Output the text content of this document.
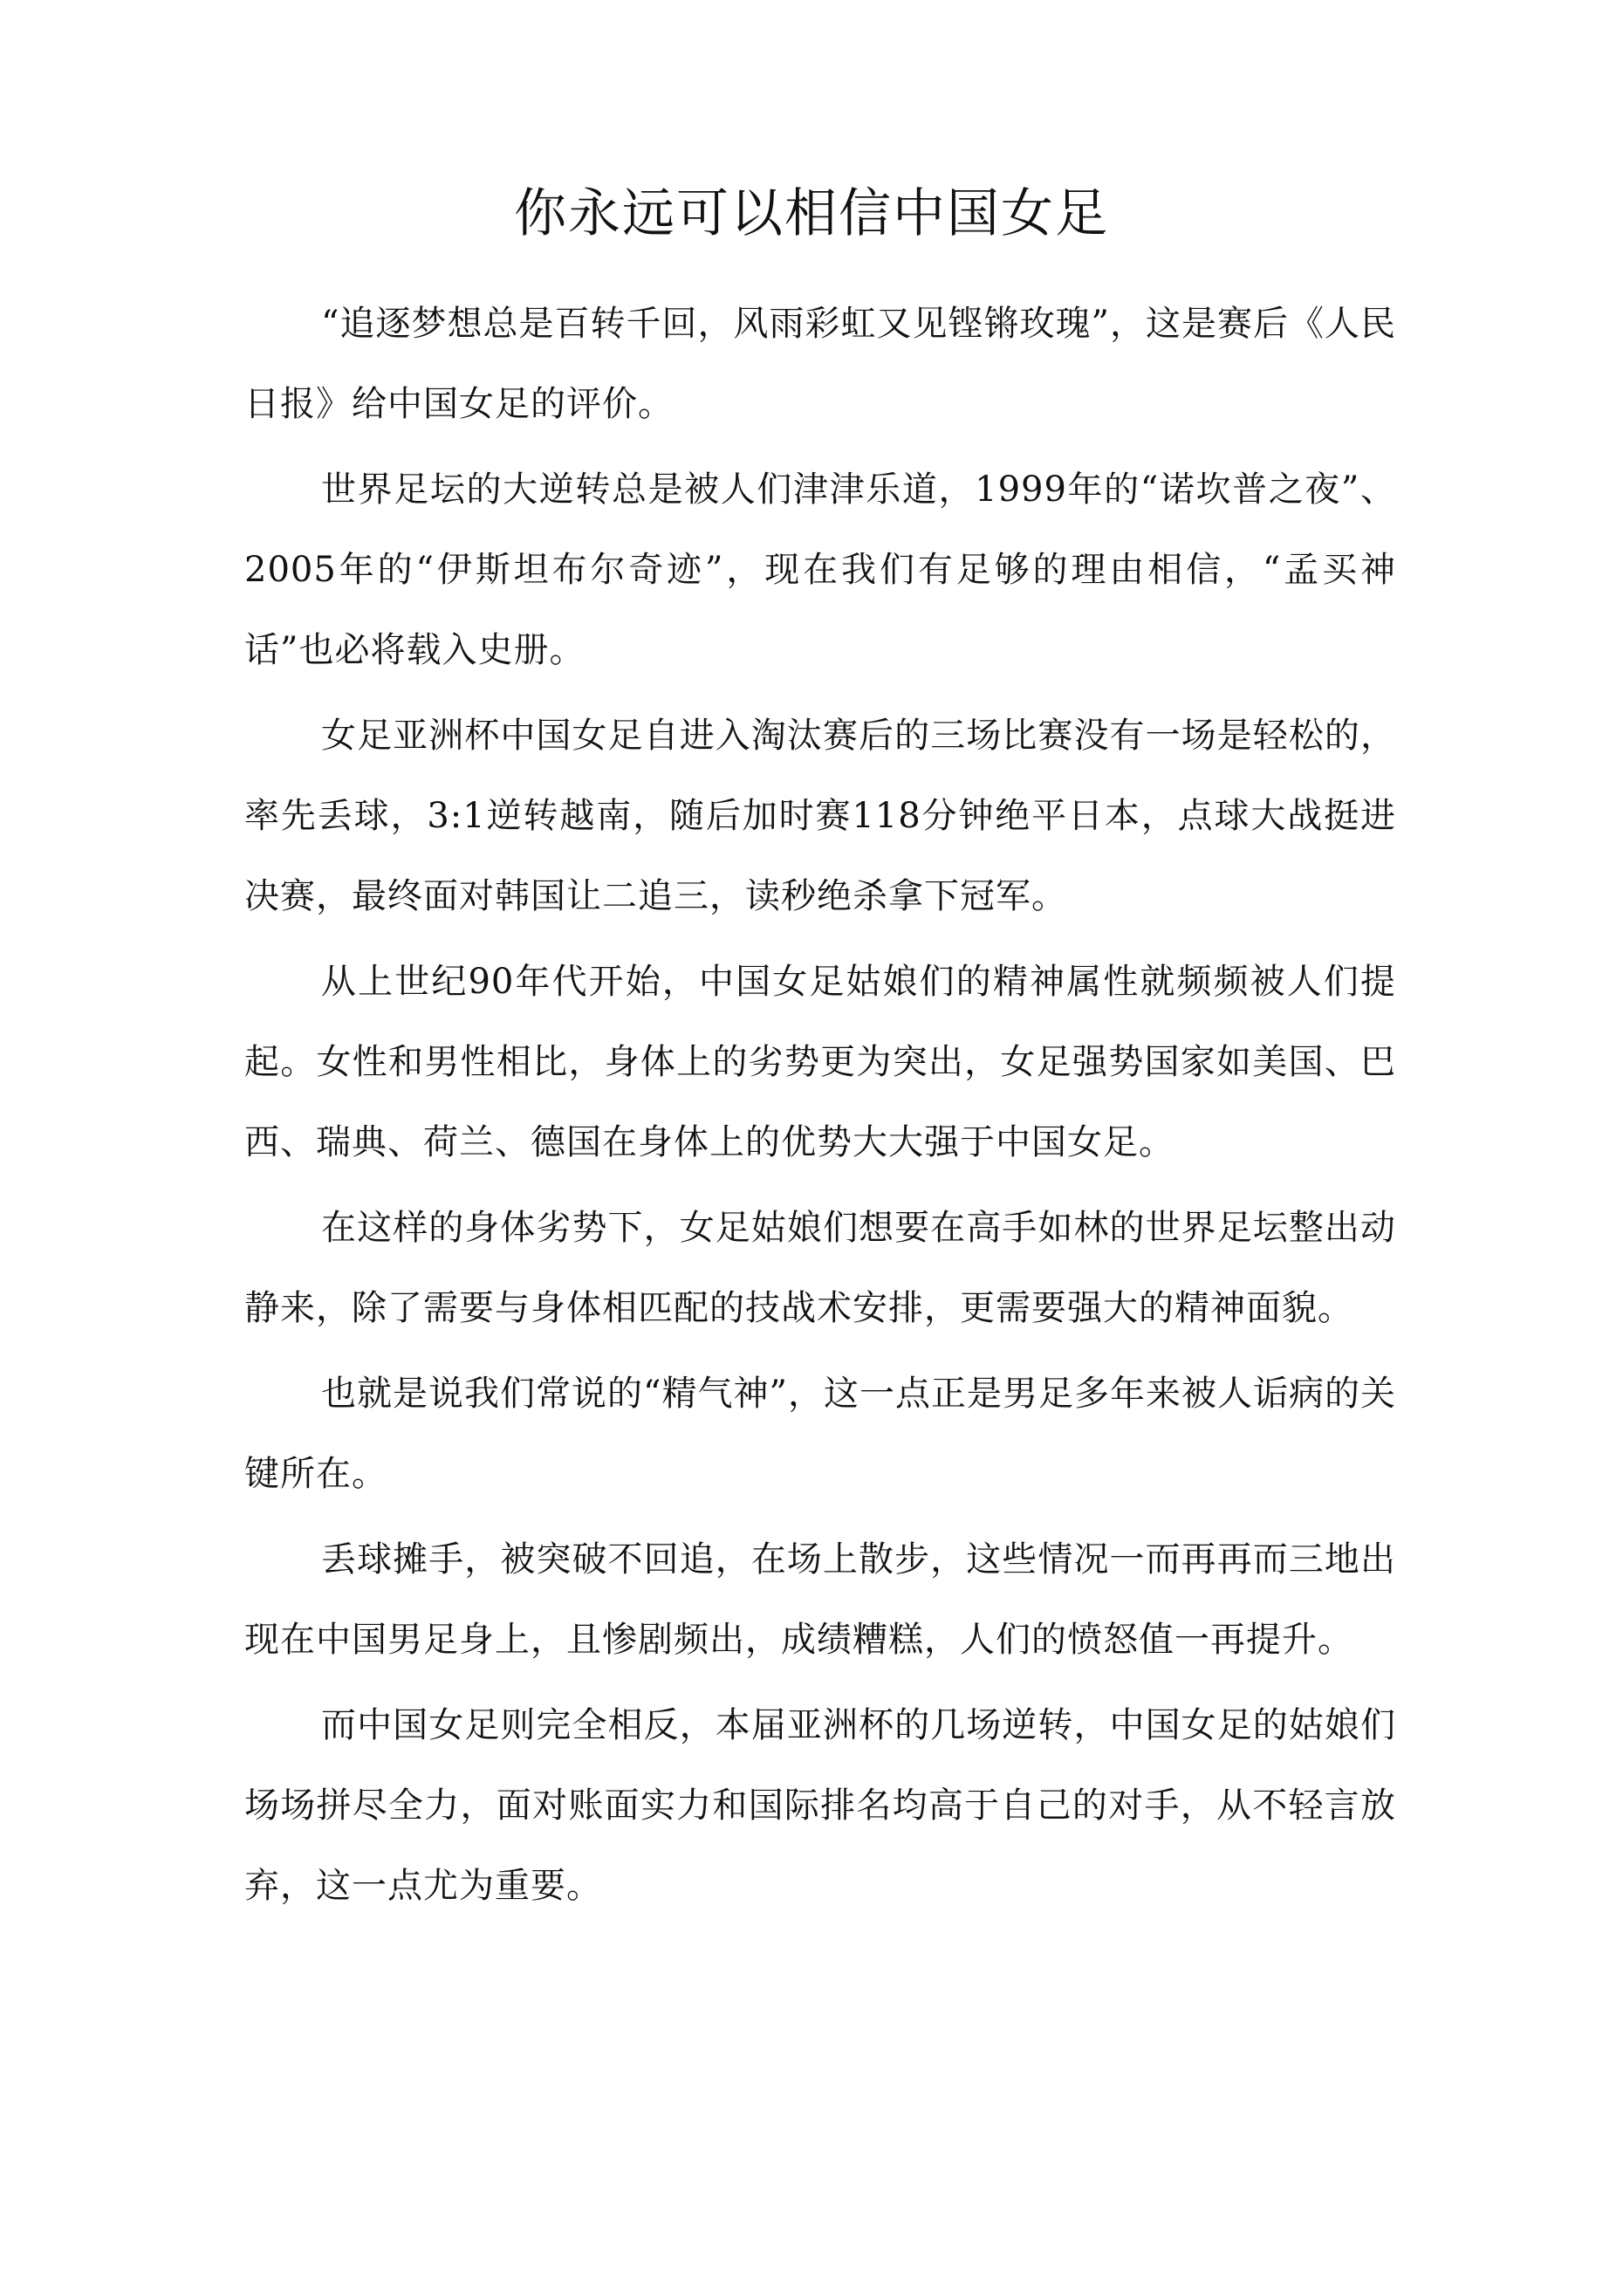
你永远可以相信中国女足

“追逐梦想总是百转千回，风雨彩虹又见铿锵玫瑰”，这是赛后《人民日报》给中国女足的评价。

世界足坛的大逆转总是被人们津津乐道，1999年的“诺坎普之夜”、2005年的“伊斯坦布尔奇迹”，现在我们有足够的理由相信，“孟买神话”也必将载入史册。

女足亚洲杯中国女足自进入淘汰赛后的三场比赛没有一场是轻松的，率先丢球，3:1逆转越南，随后加时赛118分钟绝平日本，点球大战挺进决赛，最终面对韩国让二追三，读秒绝杀拿下冠军。

从上世纪90年代开始，中国女足姑娘们的精神属性就频频被人们提起。女性和男性相比，身体上的劣势更为突出，女足强势国家如美国、巴西、瑞典、荷兰、德国在身体上的优势大大强于中国女足。

在这样的身体劣势下，女足姑娘们想要在高手如林的世界足坛整出动静来，除了需要与身体相匹配的技战术安排，更需要强大的精神面貌。

也就是说我们常说的“精气神”，这一点正是男足多年来被人诟病的关键所在。

丢球摊手，被突破不回追，在场上散步，这些情况一而再再而三地出现在中国男足身上，且惨剧频出，成绩糟糕，人们的愤怒值一再提升。

而中国女足则完全相反，本届亚洲杯的几场逆转，中国女足的姑娘们场场拼尽全力，面对账面实力和国际排名均高于自己的对手，从不轻言放弃，这一点尤为重要。
